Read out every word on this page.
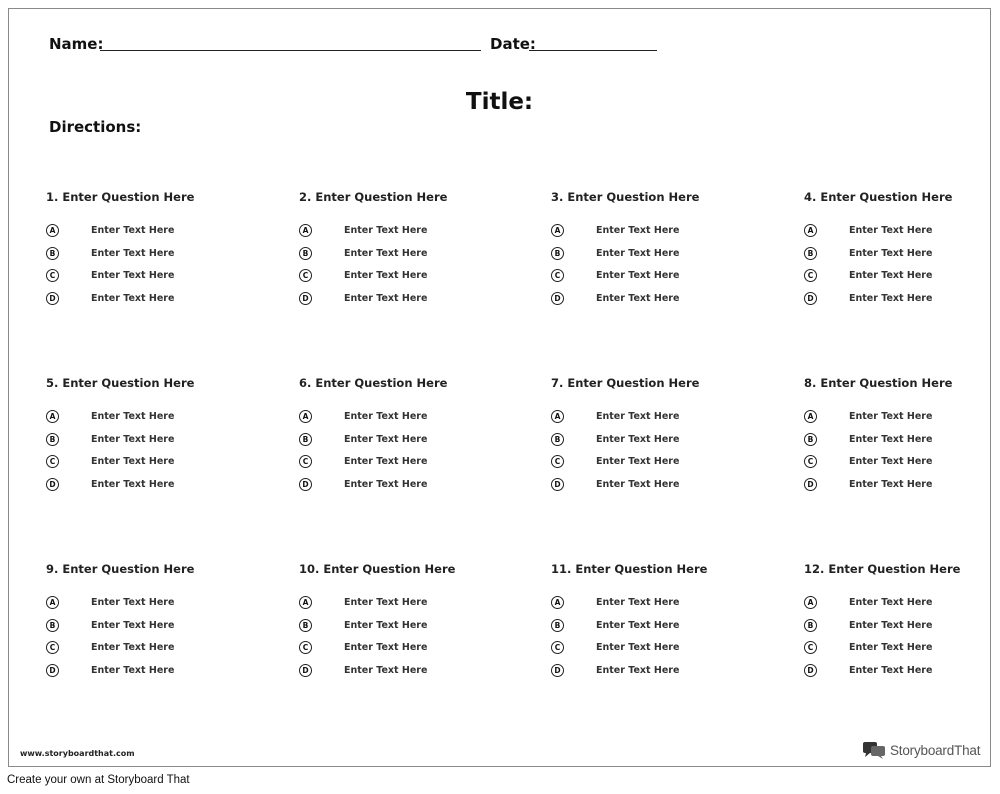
Name:	Date:
Title:
Directions:
1. Enter Question Here
A	Enter Text Here
B	Enter Text Here
C	Enter Text Here
D	Enter Text Here
2. Enter Question Here
A	Enter Text Here
B	Enter Text Here
C	Enter Text Here
D	Enter Text Here
3. Enter Question Here
A	Enter Text Here
B	Enter Text Here
C	Enter Text Here
D	Enter Text Here
4. Enter Question Here
A	Enter Text Here
B	Enter Text Here
C	Enter Text Here
D	Enter Text Here
5. Enter Question Here
A	Enter Text Here
B	Enter Text Here
C	Enter Text Here
D	Enter Text Here
6. Enter Question Here
A	Enter Text Here
B	Enter Text Here
C	Enter Text Here
D	Enter Text Here
7. Enter Question Here
A	Enter Text Here
B	Enter Text Here
C	Enter Text Here
D	Enter Text Here
8. Enter Question Here
A	Enter Text Here
B	Enter Text Here
C	Enter Text Here
D	Enter Text Here
9. Enter Question Here
A	Enter Text Here
B	Enter Text Here
C	Enter Text Here
D	Enter Text Here
10. Enter Question Here
A	Enter Text Here
B	Enter Text Here
C	Enter Text Here
D	Enter Text Here
11. Enter Question Here
A	Enter Text Here
B	Enter Text Here
C	Enter Text Here
D	Enter Text Here
12. Enter Question Here
A	Enter Text Here
B	Enter Text Here
C	Enter Text Here
D	Enter Text Here
www.storyboardthat.com	StoryboardThat
Create your own at Storyboard That
